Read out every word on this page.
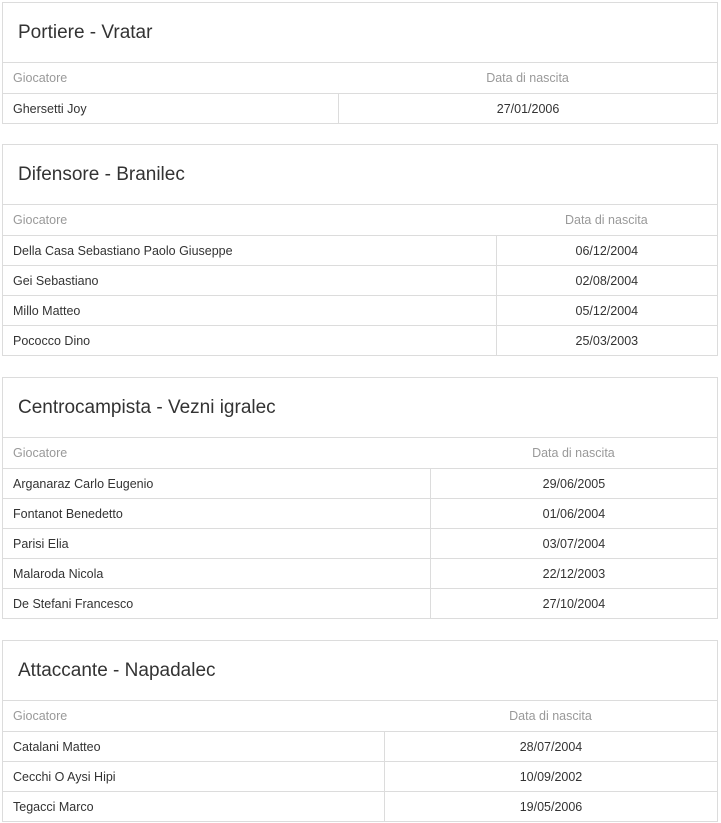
Portiere - Vratar
Giocatore	Data di nascita
Ghersetti Joy	27/01/2006
Difensore - Branilec
Giocatore	Data di nascita
Della Casa Sebastiano Paolo Giuseppe	06/12/2004
Gei Sebastiano	02/08/2004
Millo Matteo	05/12/2004
Pococco Dino	25/03/2003
Centrocampista - Vezni igralec
Giocatore	Data di nascita
Arganaraz Carlo Eugenio	29/06/2005
Fontanot Benedetto	01/06/2004
Parisi Elia	03/07/2004
Malaroda Nicola	22/12/2003
De Stefani Francesco	27/10/2004
Attaccante - Napadalec
Giocatore	Data di nascita
Catalani Matteo	28/07/2004
Cecchi O Aysi Hipi	10/09/2002
Tegacci Marco	19/05/2006
